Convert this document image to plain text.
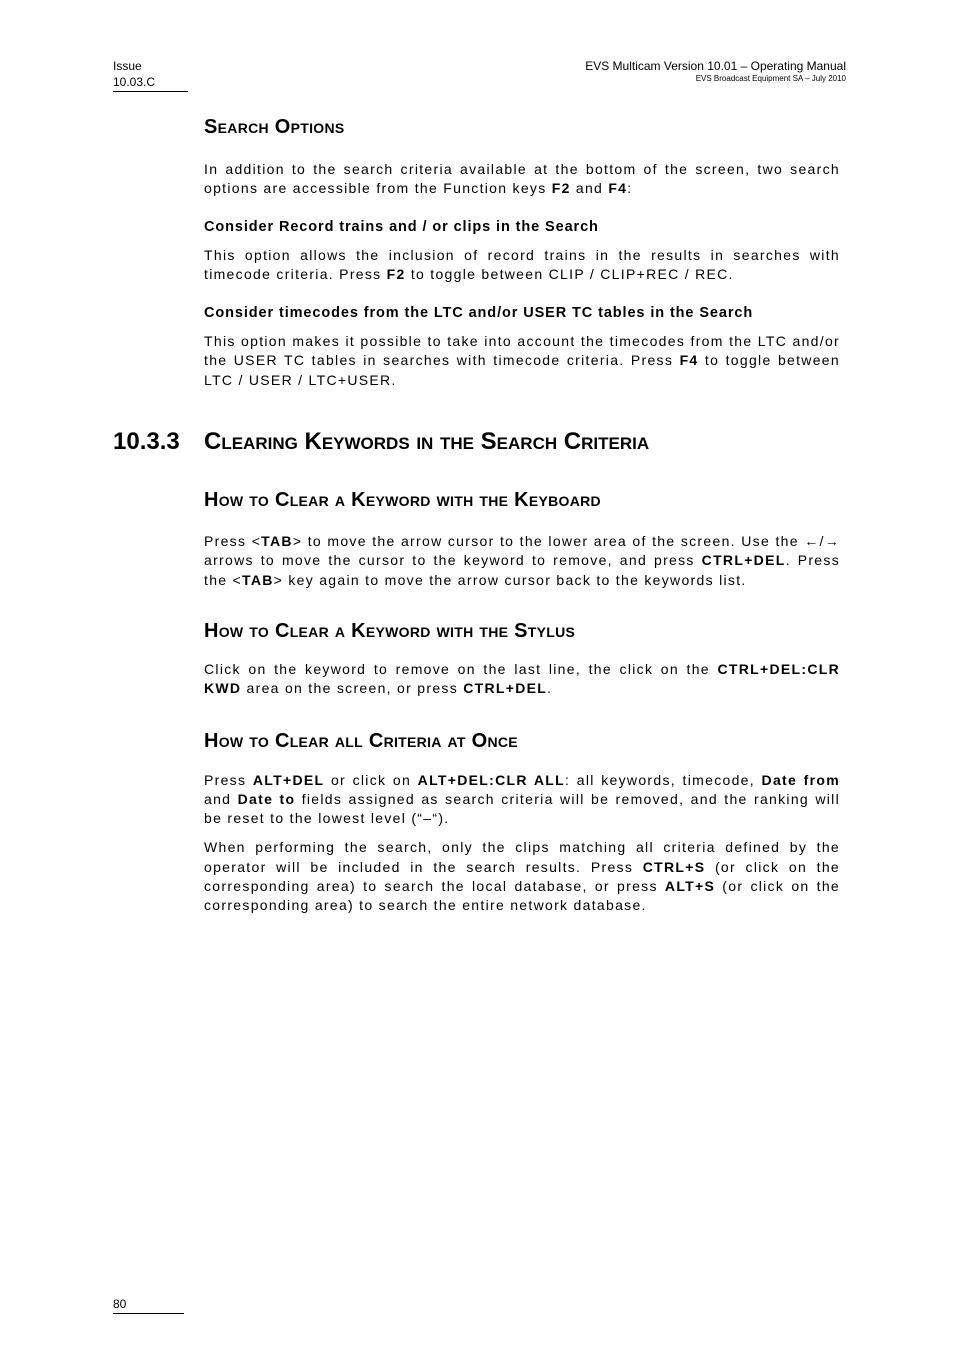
Issue
10.03.C
EVS Multicam Version 10.01 – Operating Manual
EVS Broadcast Equipment SA – July 2010
Search Options

In addition to the search criteria available at the bottom of the screen, two search options are accessible from the Function keys F2 and F4:

Consider Record trains and / or clips in the Search

This option allows the inclusion of record trains in the results in searches with timecode criteria. Press F2 to toggle between CLIP / CLIP+REC / REC.

Consider timecodes from the LTC and/or USER TC tables in the Search

This option makes it possible to take into account the timecodes from the LTC and/or the USER TC tables in searches with timecode criteria. Press F4 to toggle between LTC / USER / LTC+USER.

10.3.3 Clearing Keywords in the Search Criteria
How to Clear a Keyword with the Keyboard

Press <TAB> to move the arrow cursor to the lower area of the screen. Use the ←/→ arrows to move the cursor to the keyword to remove, and press CTRL+DEL. Press the <TAB> key again to move the arrow cursor back to the keywords list.

How to Clear a Keyword with the Stylus

Click on the keyword to remove on the last line, the click on the CTRL+DEL:CLR KWD area on the screen, or press CTRL+DEL.

How to Clear all Criteria at Once

Press ALT+DEL or click on ALT+DEL:CLR ALL: all keywords, timecode, Date from and Date to fields assigned as search criteria will be removed, and the ranking will be reset to the lowest level (“–“).

When performing the search, only the clips matching all criteria defined by the operator will be included in the search results. Press CTRL+S (or click on the corresponding area) to search the local database, or press ALT+S (or click on the corresponding area) to search the entire network database.

80
